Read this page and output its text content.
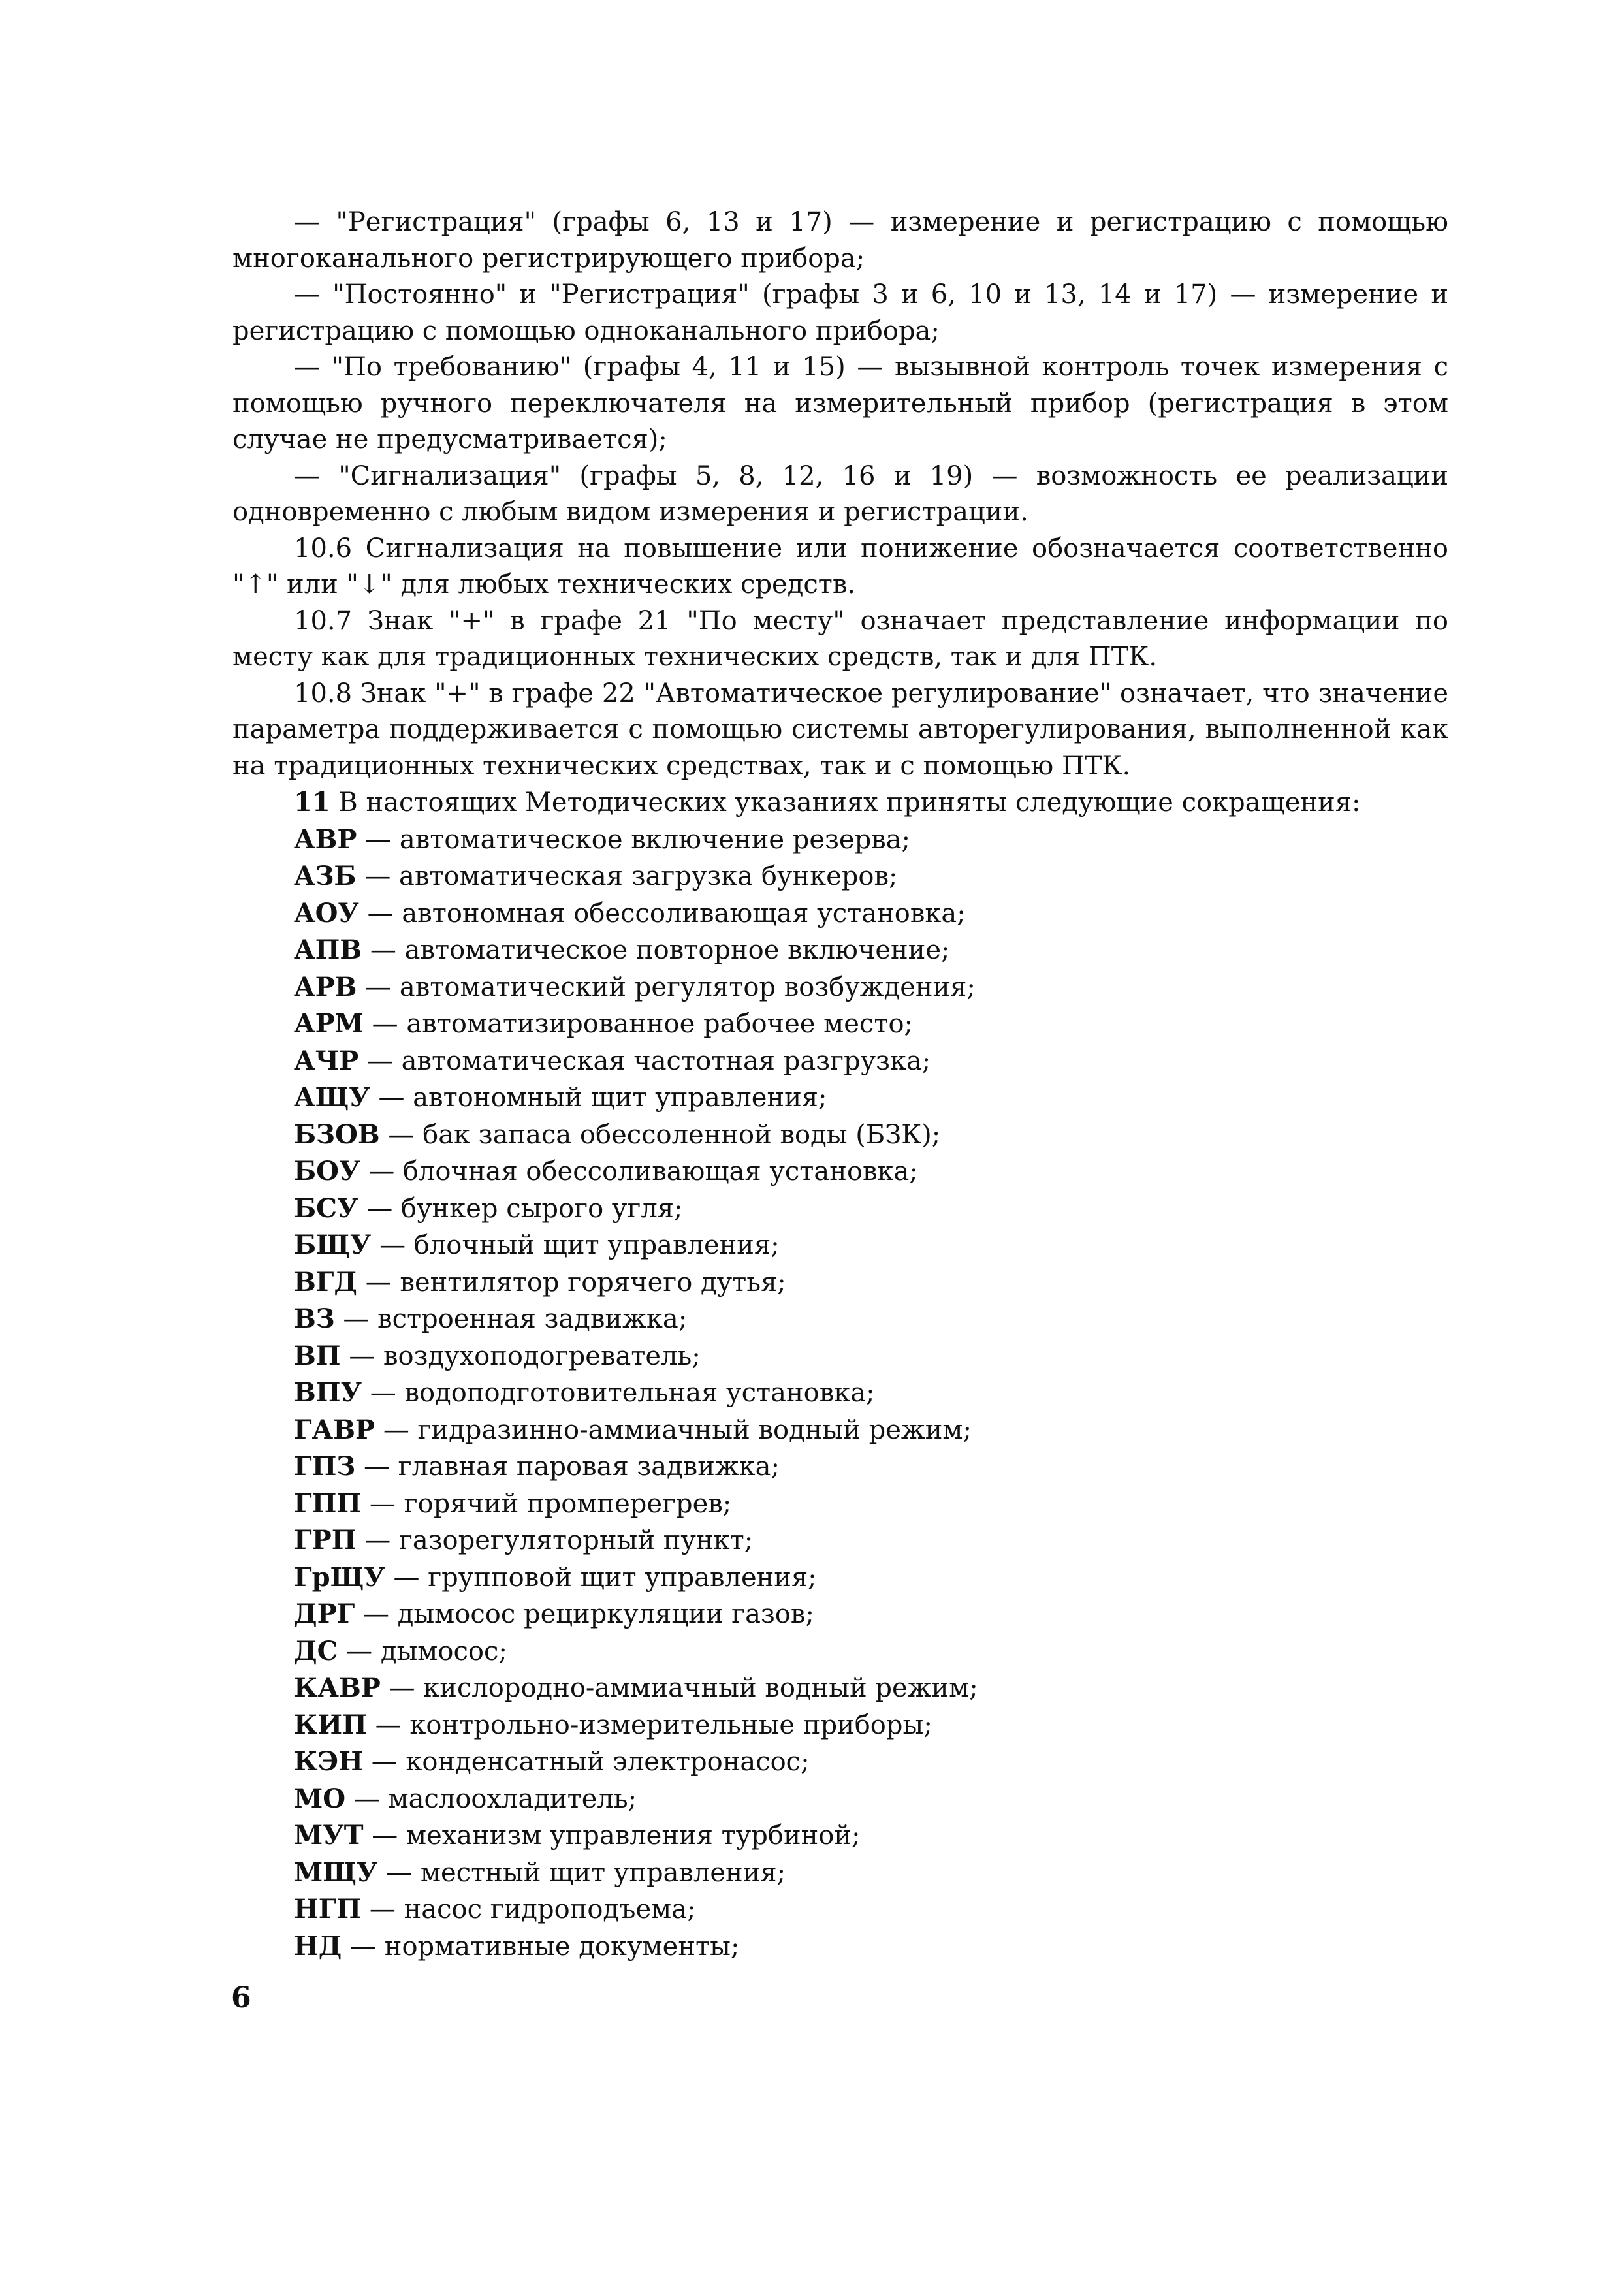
— "Регистрация" (графы 6, 13 и 17) — измерение и регистрацию с помощью многоканального регистрирующего прибора;

— "Постоянно" и "Регистрация" (графы 3 и 6, 10 и 13, 14 и 17) — измерение и регистрацию с помощью одноканального прибора;

— "По требованию" (графы 4, 11 и 15) — вызывной контроль точек измерения с помощью ручного переключателя на измерительный прибор (регистрация в этом случае не предусматривается);

— "Сигнализация" (графы 5, 8, 12, 16 и 19) — возможность ее реализации одновременно с любым видом измерения и регистрации.

10.6 Сигнализация на повышение или понижение обозначается соответственно "↑" или "↓" для любых технических средств.

10.7 Знак "+" в графе 21 "По месту" означает представление информации по месту как для традиционных технических средств, так и для ПТК.

10.8 Знак "+" в графе 22 "Автоматическое регулирование" означает, что значение параметра поддерживается с помощью системы авторегулирования, выполненной как на традиционных технических средствах, так и с помощью ПТК.

11 В настоящих Методических указаниях приняты следующие сокращения:

АВР — автоматическое включение резерва;
АЗБ — автоматическая загрузка бункеров;
АОУ — автономная обессоливающая установка;
АПВ — автоматическое повторное включение;
АРВ — автоматический регулятор возбуждения;
АРМ — автоматизированное рабочее место;
АЧР — автоматическая частотная разгрузка;
АЩУ — автономный щит управления;
БЗОВ — бак запаса обессоленной воды (БЗК);
БОУ — блочная обессоливающая установка;
БСУ — бункер сырого угля;
БЩУ — блочный щит управления;
ВГД — вентилятор горячего дутья;
ВЗ — встроенная задвижка;
ВП — воздухоподогреватель;
ВПУ — водоподготовительная установка;
ГАВР — гидразинно-аммиачный водный режим;
ГПЗ — главная паровая задвижка;
ГПП — горячий промперегрев;
ГРП — газорегуляторный пункт;
ГрЩУ — групповой щит управления;
ДРГ — дымосос рециркуляции газов;
ДС — дымосос;
КАВР — кислородно-аммиачный водный режим;
КИП — контрольно-измерительные приборы;
КЭН — конденсатный электронасос;
МО — маслоохладитель;
МУТ — механизм управления турбиной;
МЩУ — местный щит управления;
НГП — насос гидроподъема;
НД — нормативные документы;
6
